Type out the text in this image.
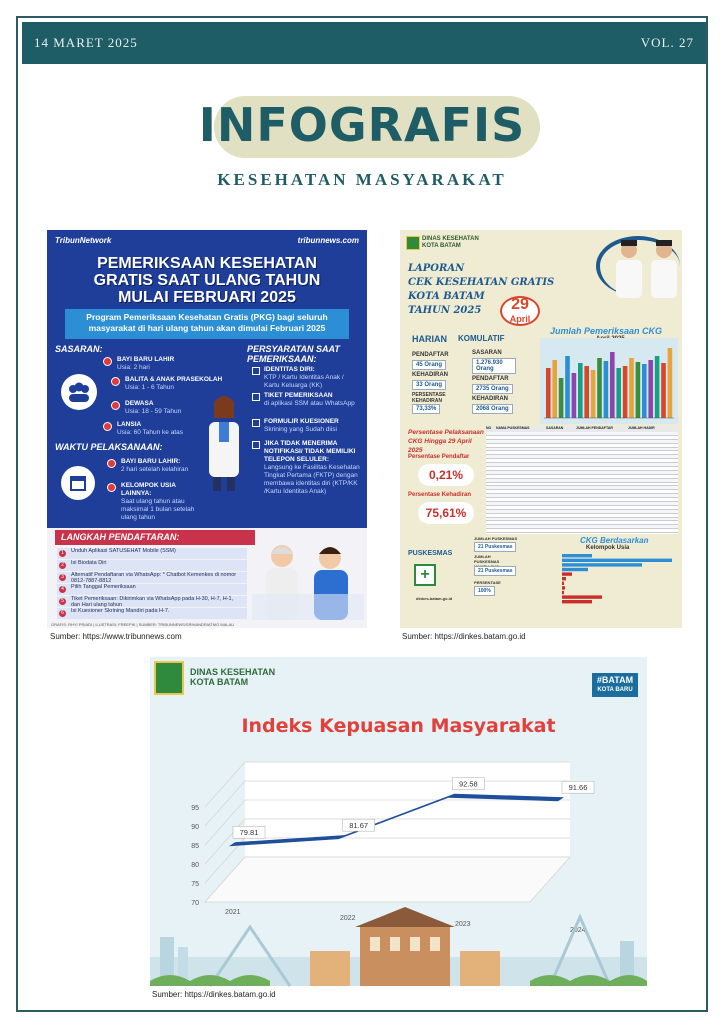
14 MARET 2025	VOL. 27
INFOGRAFIS
KESEHATAN MASYARAKAT
TribunNetwork	tribunnews.com
PEMERIKSAAN KESEHATAN
GRATIS SAAT ULANG TAHUN
MULAI FEBRUARI 2025
Program Pemeriksaan Kesehatan Gratis (PKG) bagi seluruh masyarakat di hari ulang tahun akan dimulai Februari 2025
SASARAN:
BAYI BARU LAHIR
Usia: 2 hari
BALITA & ANAK PRASEKOLAH
Usia: 1 - 6 Tahun
DEWASA
Usia: 18 - 59 Tahun
LANSIA
Usia: 60 Tahun ke atas
WAKTU PELAKSANAAN:
BAYI BARU LAHIR:
2 hari setelah kelahiran
KELOMPOK USIA LAINNYA:
Saat ulang tahun atau maksimal 1 bulan setelah ulang tahun
PERSYARATAN SAAT PEMERIKSAAN:
IDENTITAS DIRI:
KTP / Kartu Identitas Anak / Kartu Keluarga (KK)
TIKET PEMERIKSAAN
di aplikasi SSM atau WhatsApp
FORMULIR KUESIONER
Skrining yang Sudah diisi
JIKA TIDAK MENERIMA NOTIFIKASI/ TIDAK MEMILIKI TELEPON SELULER:
Langsung ke Fasilitas Kesehatan Tingkat Pertama (FKTP) dengan membawa identitas diri (KTP/KK /Kartu Identitas Anak)
LANGKAH PENDAFTARAN:
1	Unduh Aplikasi SATUSEHAT Mobile (SSM)
2	Isi Biodata Diri
3	Alternatif Pendaftaran via WhatsApp: * Chatbot Kemenkes di nomor 0812-7887-8812
4	Pilih Tanggal Pemeriksaan
5	Tiket Pemeriksaan: Dikirimkan via WhatsApp pada H-30, H-7, H-1, dan Hari ulang tahun
6	Isi Kuesioner Skrining Mandiri pada H-7.
GRAFIS: RHYI PRIADI | ILUSTRASI: FREEPIK | SUMBER: TRIBUNNEWS/SRIHANDRIATMO MALAU
Sumber: https://www.tribunnews.com
DINAS KESEHATAN
KOTA BATAM
LAPORAN
CEK KESEHATAN GRATIS
KOTA BATAM
TAHUN 2025	29
April
HARIAN KOMULATIF
PENDAFTAR
45 Orang
KEHADIRAN
33 Orang
PERSENTASE KEHADIRAN
73,33%
SASARAN
1.276.930 Orang
PENDAFTAR
2735 Orang
KEHADIRAN
2068 Orang
Jumlah Pemeriksaan CKG
Persentase Pelaksanaan CKG Hingga 29 April 2025
Persentase Pendaftar
0,21%
Persentase Kehadiran
75,61%
NO	NAMA PUSKESMAS	SASARAN	JUMLAH PENDAFTAR	JUMLAH HADIR
PUSKESMAS
+
JUMLAH PUSKESMAS
21 Puskesmas
JUMLAH PUSKESMAS
21 Puskesmas
PERSENTASE
100%
CKG Berdasarkan
Kelompok Usia
dinkes.batam.go.id
Sumber: https://dinkes.batam.go.id
DINAS KESEHATAN
KOTA BATAM	#BATAM
KOTA BARU
Indeks Kepuasan Masyarakat
70
75
80
85
90
95
79.81
2021
81.67
2022
92.58
2023
91.66
2024
Sumber: https://dinkes.batam.go.id
